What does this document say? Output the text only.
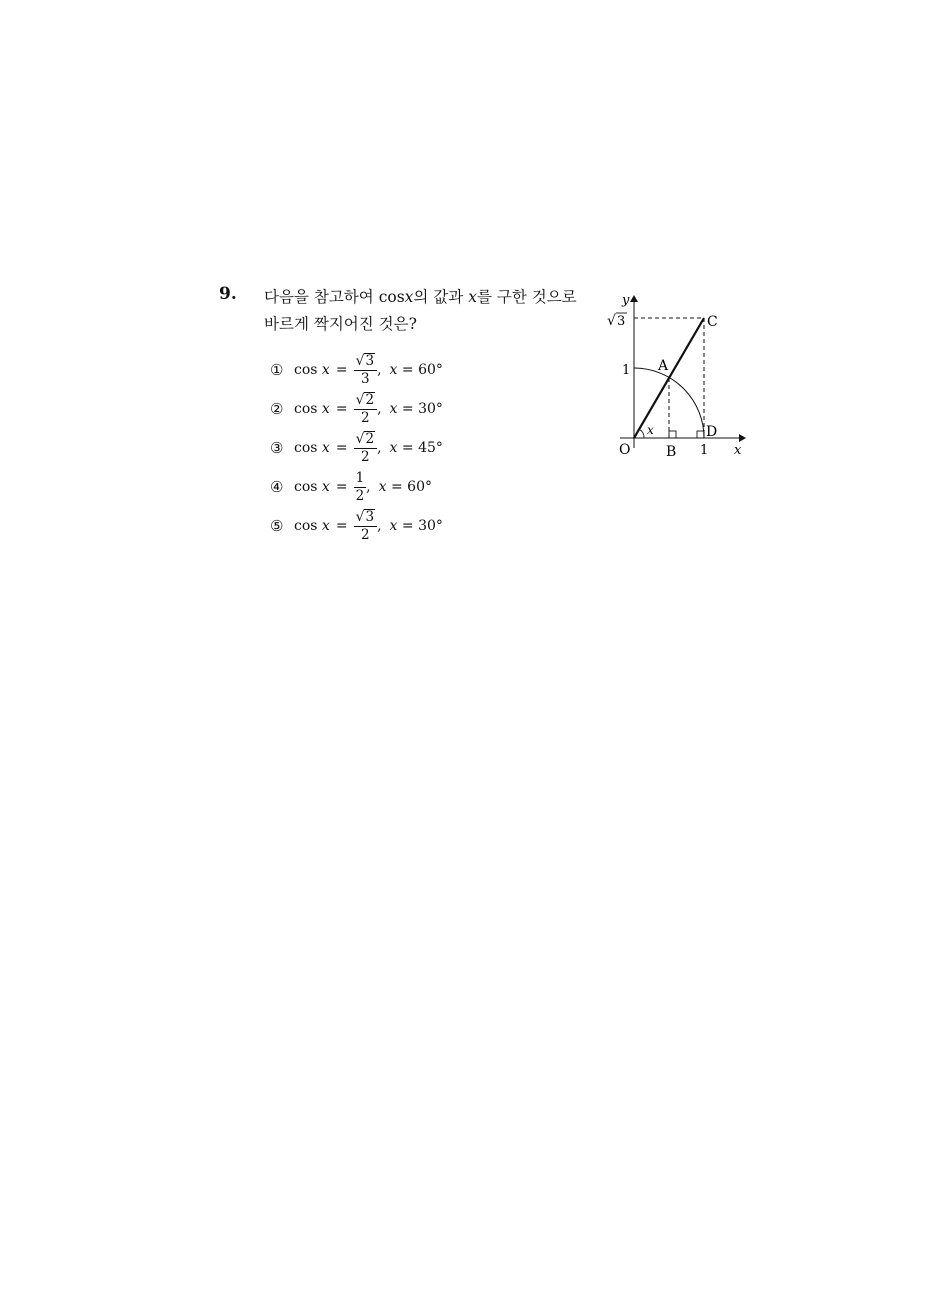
9. 다음을 참고하여 cosx의 값과 x를 구한 것으로
바르게 짝지어진 것은?
① $\cos x = \frac{√ 3}{3}$ , x = 60°
② $\cos x = \frac{√ 2}{2}$ , x = 30°
③ $\cos x = \frac{√ 2}{2}$ , x = 45°
④ $\cos x = \frac{1}{2}$ , x = 60°
⑤ $\cos x = \frac{√ 3}{2}$ , x = 30°
y
x
√ 3
1
1
A
B
C
D
O
x
